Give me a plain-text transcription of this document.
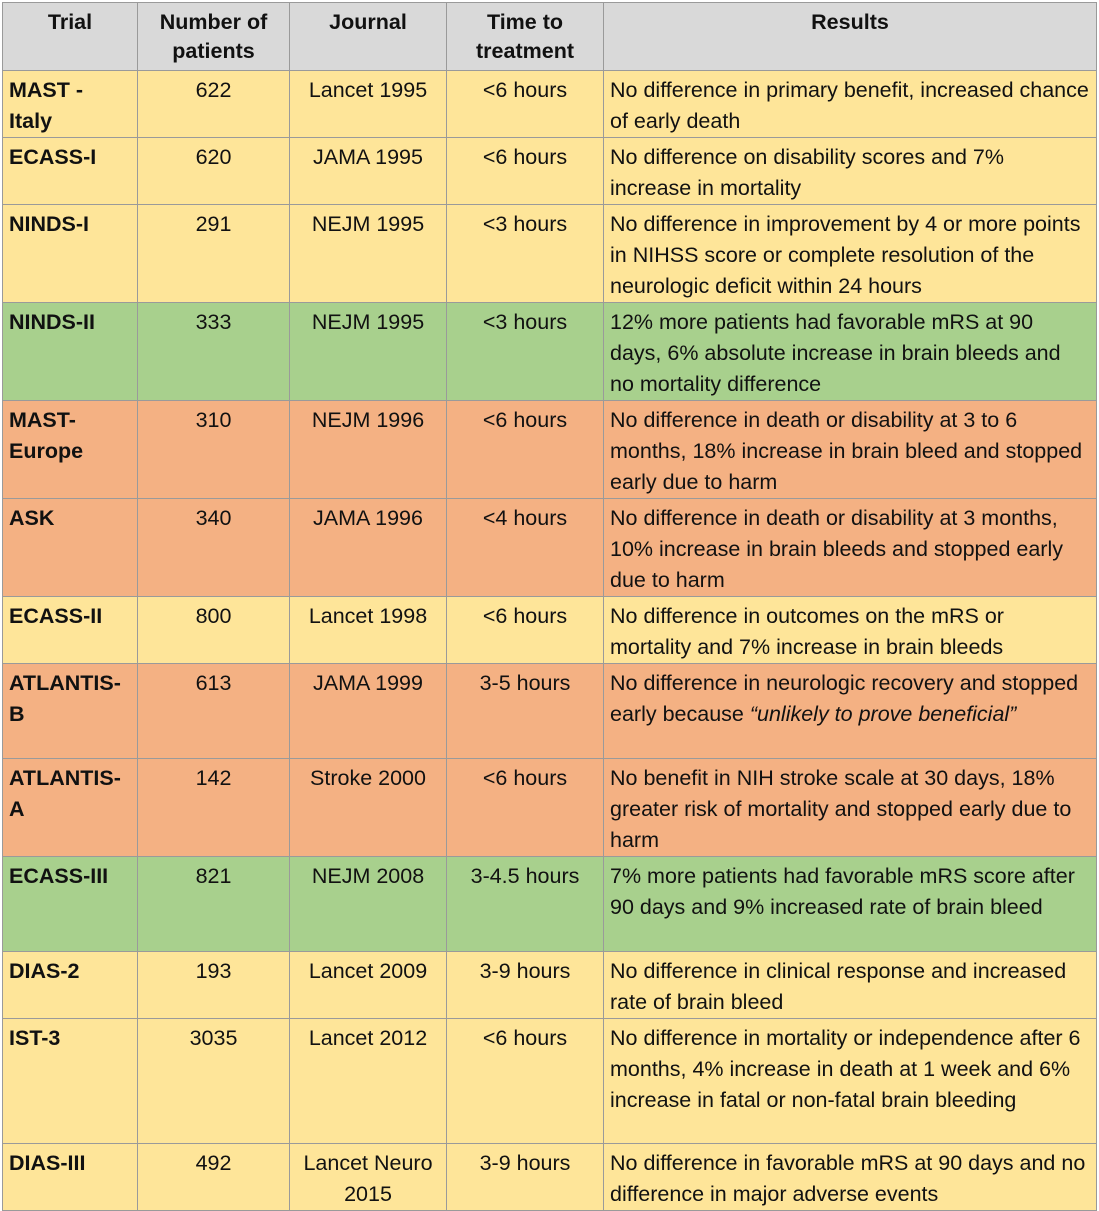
Trial	Number of patients	Journal	Time to treatment	Results
MAST - Italy	622	Lancet 1995	<6 hours	No difference in primary benefit, increased chance of early death
ECASS-I	620	JAMA 1995	<6 hours	No difference on disability scores and 7% increase in mortality
NINDS-I	291	NEJM 1995	<3 hours	No difference in improvement by 4 or more points in NIHSS score or complete resolution of the neurologic deficit within 24 hours
NINDS-II	333	NEJM 1995	<3 hours	12% more patients had favorable mRS at 90 days, 6% absolute increase in brain bleeds and no mortality difference
MAST-Europe	310	NEJM 1996	<6 hours	No difference in death or disability at 3 to 6 months, 18% increase in brain bleed and stopped early due to harm
ASK	340	JAMA 1996	<4 hours	No difference in death or disability at 3 months, 10% increase in brain bleeds and stopped early due to harm
ECASS-II	800	Lancet 1998	<6 hours	No difference in outcomes on the mRS or mortality and 7% increase in brain bleeds
ATLANTIS-B	613	JAMA 1999	3-5 hours	No difference in neurologic recovery and stopped early because “unlikely to prove beneficial”
ATLANTIS-A	142	Stroke 2000	<6 hours	No benefit in NIH stroke scale at 30 days, 18% greater risk of mortality and stopped early due to harm
ECASS-III	821	NEJM 2008	3-4.5 hours	7% more patients had favorable mRS score after 90 days and 9% increased rate of brain bleed
DIAS-2	193	Lancet 2009	3-9 hours	No difference in clinical response and increased rate of brain bleed
IST-3	3035	Lancet 2012	<6 hours	No difference in mortality or independence after 6 months, 4% increase in death at 1 week and 6% increase in fatal or non-fatal brain bleeding
DIAS-III	492	Lancet Neuro 2015	3-9 hours	No difference in favorable mRS at 90 days and no difference in major adverse events
